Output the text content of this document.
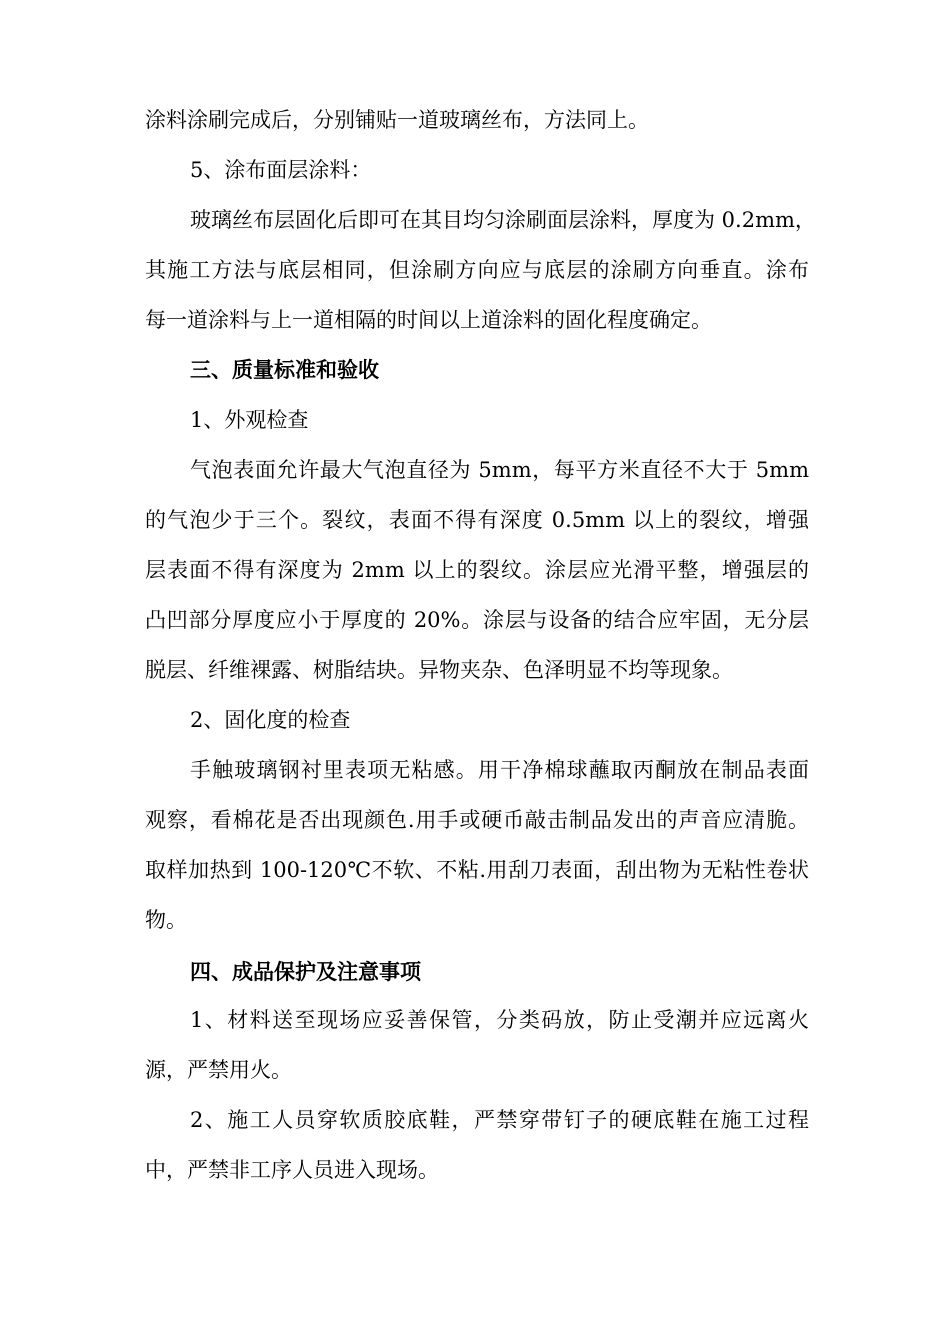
涂料涂刷完成后，分别铺贴一道玻璃丝布，方法同上。
5、涂布面层涂料：
玻璃丝布层固化后即可在其目均匀涂刷面层涂料，厚度为 0.2mm，
其施工方法与底层相同，但涂刷方向应与底层的涂刷方向垂直。涂布
每一道涂料与上一道相隔的时间以上道涂料的固化程度确定。
三、质量标准和验收
1、外观检查
气泡表面允许最大气泡直径为 5mm，每平方米直径不大于 5mm
的气泡少于三个。裂纹，表面不得有深度 0.5mm 以上的裂纹，增强
层表面不得有深度为 2mm 以上的裂纹。涂层应光滑平整，增强层的
凸凹部分厚度应小于厚度的 20%。涂层与设备的结合应牢固，无分层
脱层、纤维裸露、树脂结块。异物夹杂、色泽明显不均等现象。
2、固化度的检查
手触玻璃钢衬里表项无粘感。用干净棉球蘸取丙酮放在制品表面
观察，看棉花是否出现颜色.用手或硬币敲击制品发出的声音应清脆。
取样加热到 100-120℃不软、不粘.用刮刀表面，刮出物为无粘性卷状
物。
四、成品保护及注意事项
1、材料送至现场应妥善保管，分类码放，防止受潮并应远离火
源，严禁用火。
2、施工人员穿软质胶底鞋，严禁穿带钉子的硬底鞋在施工过程
中，严禁非工序人员进入现场。
